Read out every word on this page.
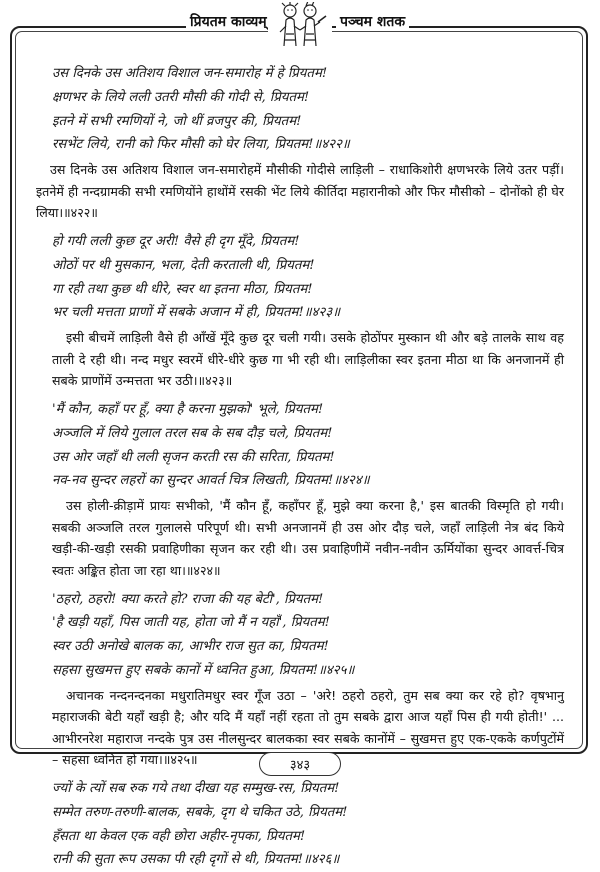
प्रियतम काव्यम्	पञ्चम शतक
उस दिनके उस अतिशय विशाल जन-समारोह में हे प्रियतम!
क्षणभर के लिये लली उतरी मौसी की गोदी से, प्रियतम!
इतने में सभी रमणियों ने, जो थीं व्रजपुर की, प्रियतम!
रसभेंट लिये, रानी को फिर मौसी को घेर लिया, प्रियतम!॥४२२॥

उस दिनके उस अतिशय विशाल जन-समारोहमें मौसीकी गोदीसे लाड़िली – राधाकिशोरी क्षणभरके लिये उतर पड़ीं। इतनेमें ही नन्दग्रामकी सभी रमणियोंने हाथोंमें रसकी भेंट लिये कीर्तिदा महारानीको और फिर मौसीको – दोनोंको ही घेर लिया।॥४२२॥

हो गयी लली कुछ दूर अरी! वैसे ही दृग मूँदे, प्रियतम!
ओठों पर थी मुसकान, भला, देती करताली थी, प्रियतम!
गा रही तथा कुछ थी धीरे, स्वर था इतना मीठा, प्रियतम!
भर चली मत्तता प्राणों में सबके अजान में ही, प्रियतम!॥४२३॥

इसी बीचमें लाड़िली वैसे ही आँखें मूँदे कुछ दूर चली गयी। उसके होठोंपर मुस्कान थी और बड़े तालके साथ वह ताली दे रही थी। नन्द मधुर स्वरमें धीरे-धीरे कुछ गा भी रही थी। लाड़िलीका स्वर इतना मीठा था कि अनजानमें ही सबके प्राणोंमें उन्मत्तता भर उठी।॥४२३॥

'मैं कौन, कहाँ पर हूँ, क्या है करना मुझको' भूले, प्रियतम!
अञ्जलि में लिये गुलाल तरल सब के सब दौड़ चले, प्रियतम!
उस ओर जहाँ थी लली सृजन करती रस की सरिता, प्रियतम!
नव-नव सुन्दर लहरों का सुन्दर आवर्त चित्र लिखती, प्रियतम!॥४२४॥

उस होली-क्रीड़ामें प्रायः सभीको, 'मैं कौन हूँ, कहाँपर हूँ, मुझे क्या करना है,' इस बातकी विस्मृति हो गयी। सबकी अञ्जलि तरल गुलालसे परिपूर्ण थी। सभी अनजानमें ही उस ओर दौड़ चले, जहाँ लाड़िली नेत्र बंद किये खड़ी-की-खड़ी रसकी प्रवाहिणीका सृजन कर रही थी। उस प्रवाहिणीमें नवीन-नवीन ऊर्मियोंका सुन्दर आवर्त्त-चित्र स्वतः अङ्कित होता जा रहा था।॥४२४॥

'ठहरो, ठहरो! क्या करते हो? राजा की यह बेटी', प्रियतम!
'है खड़ी यहाँ, पिस जाती यह, होता जो मैं न यहाँ', प्रियतम!
स्वर उठी अनोखे बालक का, आभीर राज सुत का, प्रियतम!
सहसा सुखमत्त हुए सबके कानों में ध्वनित हुआ, प्रियतम!॥४२५॥

अचानक नन्दनन्दनका मधुरातिमधुर स्वर गूँज उठा – 'अरे! ठहरो ठहरो, तुम सब क्या कर रहे हो? वृषभानु महाराजकी बेटी यहाँ खड़ी है; और यदि मैं यहाँ नहीं रहता तो तुम सबके द्वारा आज यहाँ पिस ही गयी होती!' ... आभीरनरेश महाराज नन्दके पुत्र उस नीलसुन्दर बालकका स्वर सबके कानोंमें – सुखमत्त हुए एक-एकके कर्णपुटोंमें – सहसा ध्वनित हो गया।॥४२५॥

ज्यों के त्यों सब रुक गये तथा दीखा यह सम्मुख-रस, प्रियतम!
सम्मेत तरुण-तरुणी-बालक, सबके, दृग थे चकित उठे, प्रियतम!
हँसता था केवल एक वही छोरा अहीर-नृपका, प्रियतम!
रानी की सुता रूप उसका पी रही दृगों से थी, प्रियतम!॥४२६॥
३४३
